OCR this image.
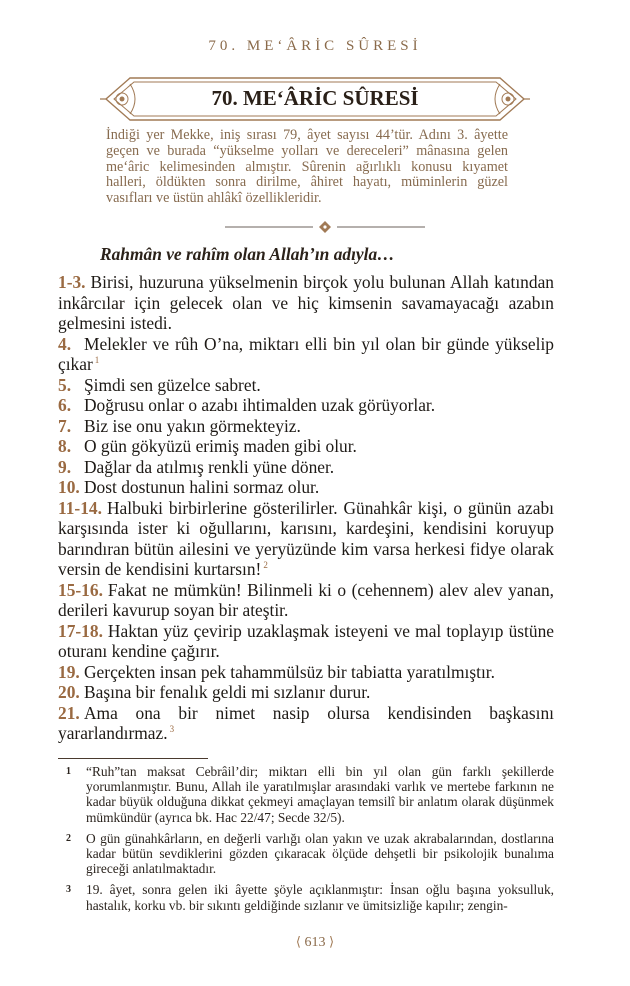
70. ME‘ÂRİC SÛRESİ
70. ME‘ÂRİC SÛRESİ
İndiği yer Mekke, iniş sırası 79, âyet sayısı 44’tür. Adını 3. âyette geçen ve burada “yükselme yolları ve dereceleri” mânasına gelen me‘âric kelimesinden almıştır. Sûrenin ağırlıklı konusu kıyamet halleri, öldükten sonra dirilme, âhiret hayatı, müminlerin güzel vasıfları ve üstün ahlâkî özellikleridir.
Rahmân ve rahîm olan Allah’ın adıyla…

1-3. Birisi, huzuruna yükselmenin birçok yolu bulunan Allah katından inkârcılar için gelecek olan ve hiç kimsenin savamayacağı azabın gelmesini istedi.

4. Melekler ve rûh O’na, miktarı elli bin yıl olan bir günde yükselip çıkar $^1$

5. Şimdi sen güzelce sabret.

6. Doğrusu onlar o azabı ihtimalden uzak görüyorlar.

7. Biz ise onu yakın görmekteyiz.

8. O gün gökyüzü erimiş maden gibi olur.

9. Dağlar da atılmış renkli yüne döner.

10. Dost dostunun halini sormaz olur.

11-14. Halbuki birbirlerine gösterilirler. Günahkâr kişi, o günün azabı karşısında ister ki oğullarını, karısını, kardeşini, kendisini koruyup barındıran bütün ailesini ve yeryüzünde kim varsa herkesi fidye olarak versin de kendisini kurtarsın! $^2$

15-16. Fakat ne mümkün! Bilinmeli ki o (cehennem) alev alev yanan, derileri kavurup soyan bir ateştir.

17-18. Haktan yüz çevirip uzaklaşmak isteyeni ve mal toplayıp üstüne oturanı kendine çağırır.

19. Gerçekten insan pek tahammülsüz bir tabiatta yaratılmıştır.

20. Başına bir fenalık geldi mi sızlanır durur.

21. Ama ona bir nimet nasip olursa kendisinden başkasını yararlandırmaz. $^3$

1 “Ruh”tan maksat Cebrâil’dir; miktarı elli bin yıl olan gün farklı şekillerde yorumlanmıştır. Bunu, Allah ile yaratılmışlar arasındaki varlık ve mertebe farkının ne kadar büyük olduğuna dikkat çekmeyi amaçlayan temsilî bir anlatım olarak düşünmek mümkündür (ayrıca bk. Hac 22/47; Secde 32/5).

2 O gün günahkârların, en değerli varlığı olan yakın ve uzak akrabalarından, dostlarına kadar bütün sevdiklerini gözden çıkaracak ölçüde dehşetli bir psikolojik bunalıma gireceği anlatılmaktadır.

3 19. âyet, sonra gelen iki âyette şöyle açıklanmıştır: İnsan oğlu başına yoksulluk, hastalık, korku vb. bir sıkıntı geldiğinde sızlanır ve ümitsizliğe kapılır; zengin-

⟨ 613 ⟩
